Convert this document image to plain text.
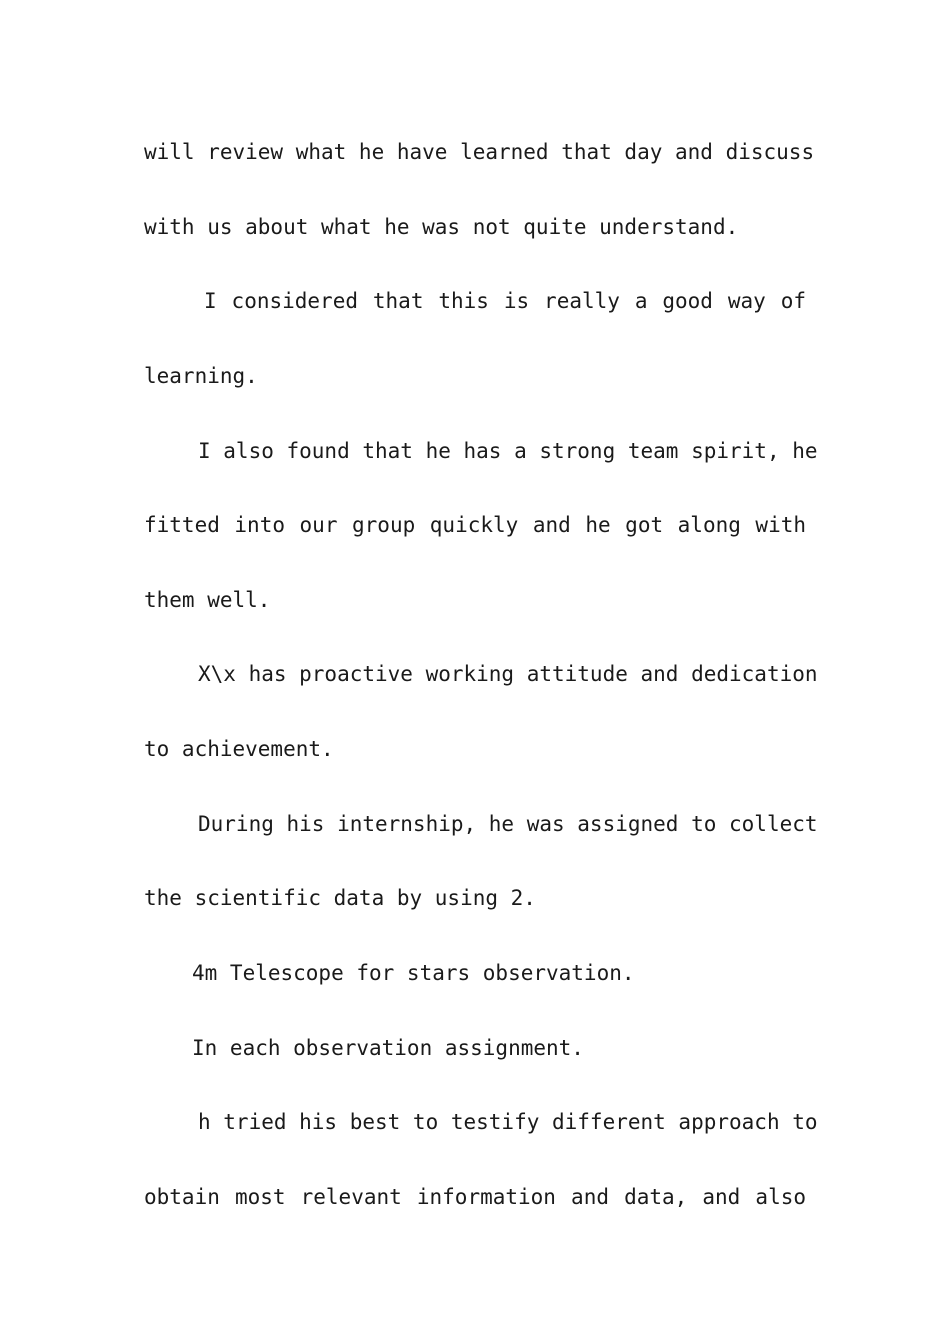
will review what he have learned that day and discuss

with us about what he was not quite understand.

I considered that this is really a good way of

learning.

I also found that he has a strong team spirit, he

fitted into our group quickly and he got along with

them well.

X\x has proactive working attitude and dedication

to achievement.

During his internship, he was assigned to collect

the scientific data by using 2.

4m Telescope for stars observation.

In each observation assignment.

h tried his best to testify different approach to

obtain most relevant information and data, and also
